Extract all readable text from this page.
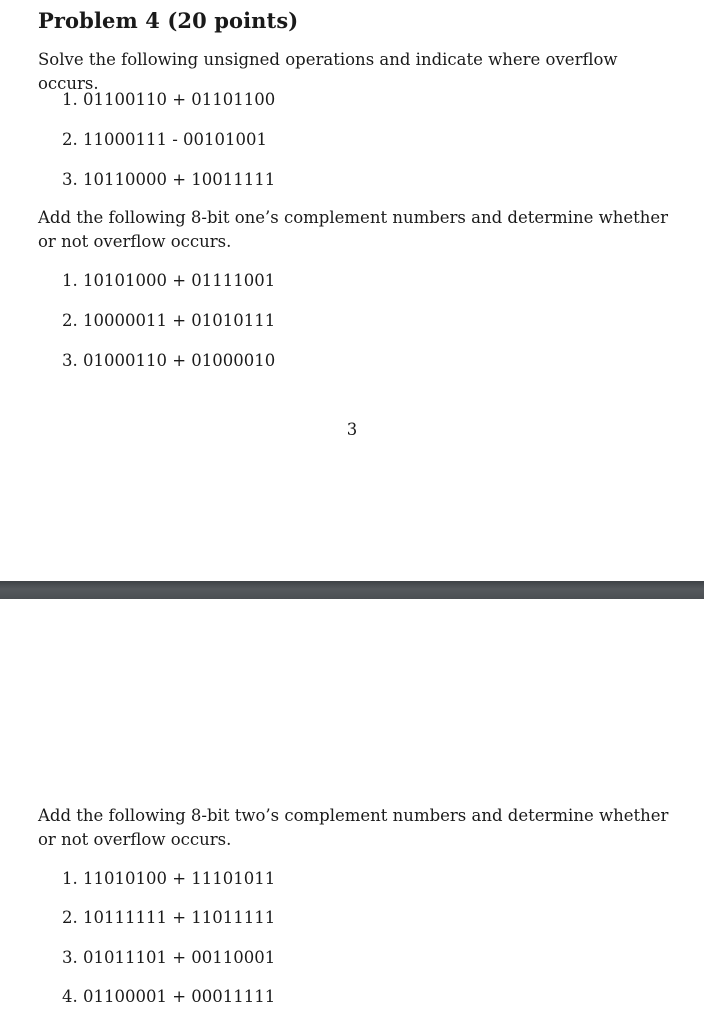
Problem 4 (20 points)

Solve the following unsigned operations and indicate where overflow occurs.

1. 01100110 + 01101100
2. 11000111 - 00101001
3. 10110000 + 10011111

Add the following 8-bit one’s complement numbers and determine whether or not overflow occurs.

1. 10101000 + 01111001
2. 10000011 + 01010111
3. 01000110 + 01000010
3

Add the following 8-bit two’s complement numbers and determine whether or not overflow occurs.

1. 11010100 + 11101011
2. 10111111 + 11011111
3. 01011101 + 00110001
4. 01100001 + 00011111
